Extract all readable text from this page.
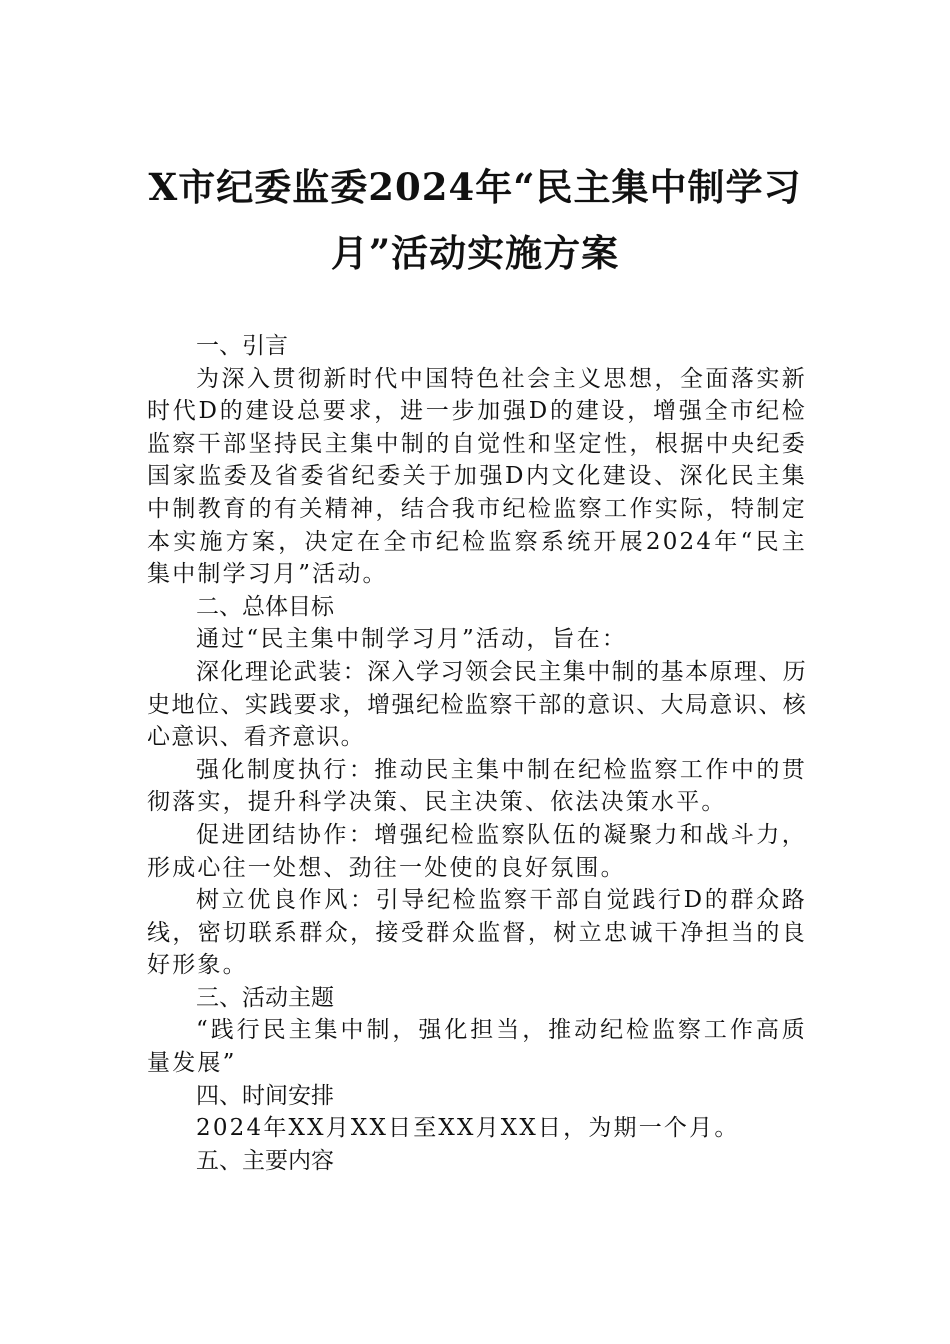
X市纪委监委2024年“民主集中制学习
月”活动实施方案

一、引言

为深入贯彻新时代中国特色社会主义思想，全面落实新时代D的建设总要求，进一步加强D的建设，增强全市纪检监察干部坚持民主集中制的自觉性和坚定性，根据中央纪委国家监委及省委省纪委关于加强D内文化建设、深化民主集中制教育的有关精神，结合我市纪检监察工作实际，特制定本实施方案，决定在全市纪检监察系统开展2024年“民主集中制学习月”活动。

二、总体目标

通过“民主集中制学习月”活动，旨在：

深化理论武装：深入学习领会民主集中制的基本原理、历史地位、实践要求，增强纪检监察干部的意识、大局意识、核心意识、看齐意识。

强化制度执行：推动民主集中制在纪检监察工作中的贯彻落实，提升科学决策、民主决策、依法决策水平。

促进团结协作：增强纪检监察队伍的凝聚力和战斗力，形成心往一处想、劲往一处使的良好氛围。

树立优良作风：引导纪检监察干部自觉践行D的群众路线，密切联系群众，接受群众监督，树立忠诚干净担当的良好形象。

三、活动主题

“践行民主集中制，强化担当，推动纪检监察工作高质量发展”

四、时间安排

2024年XX月XX日至XX月XX日，为期一个月。

五、主要内容
